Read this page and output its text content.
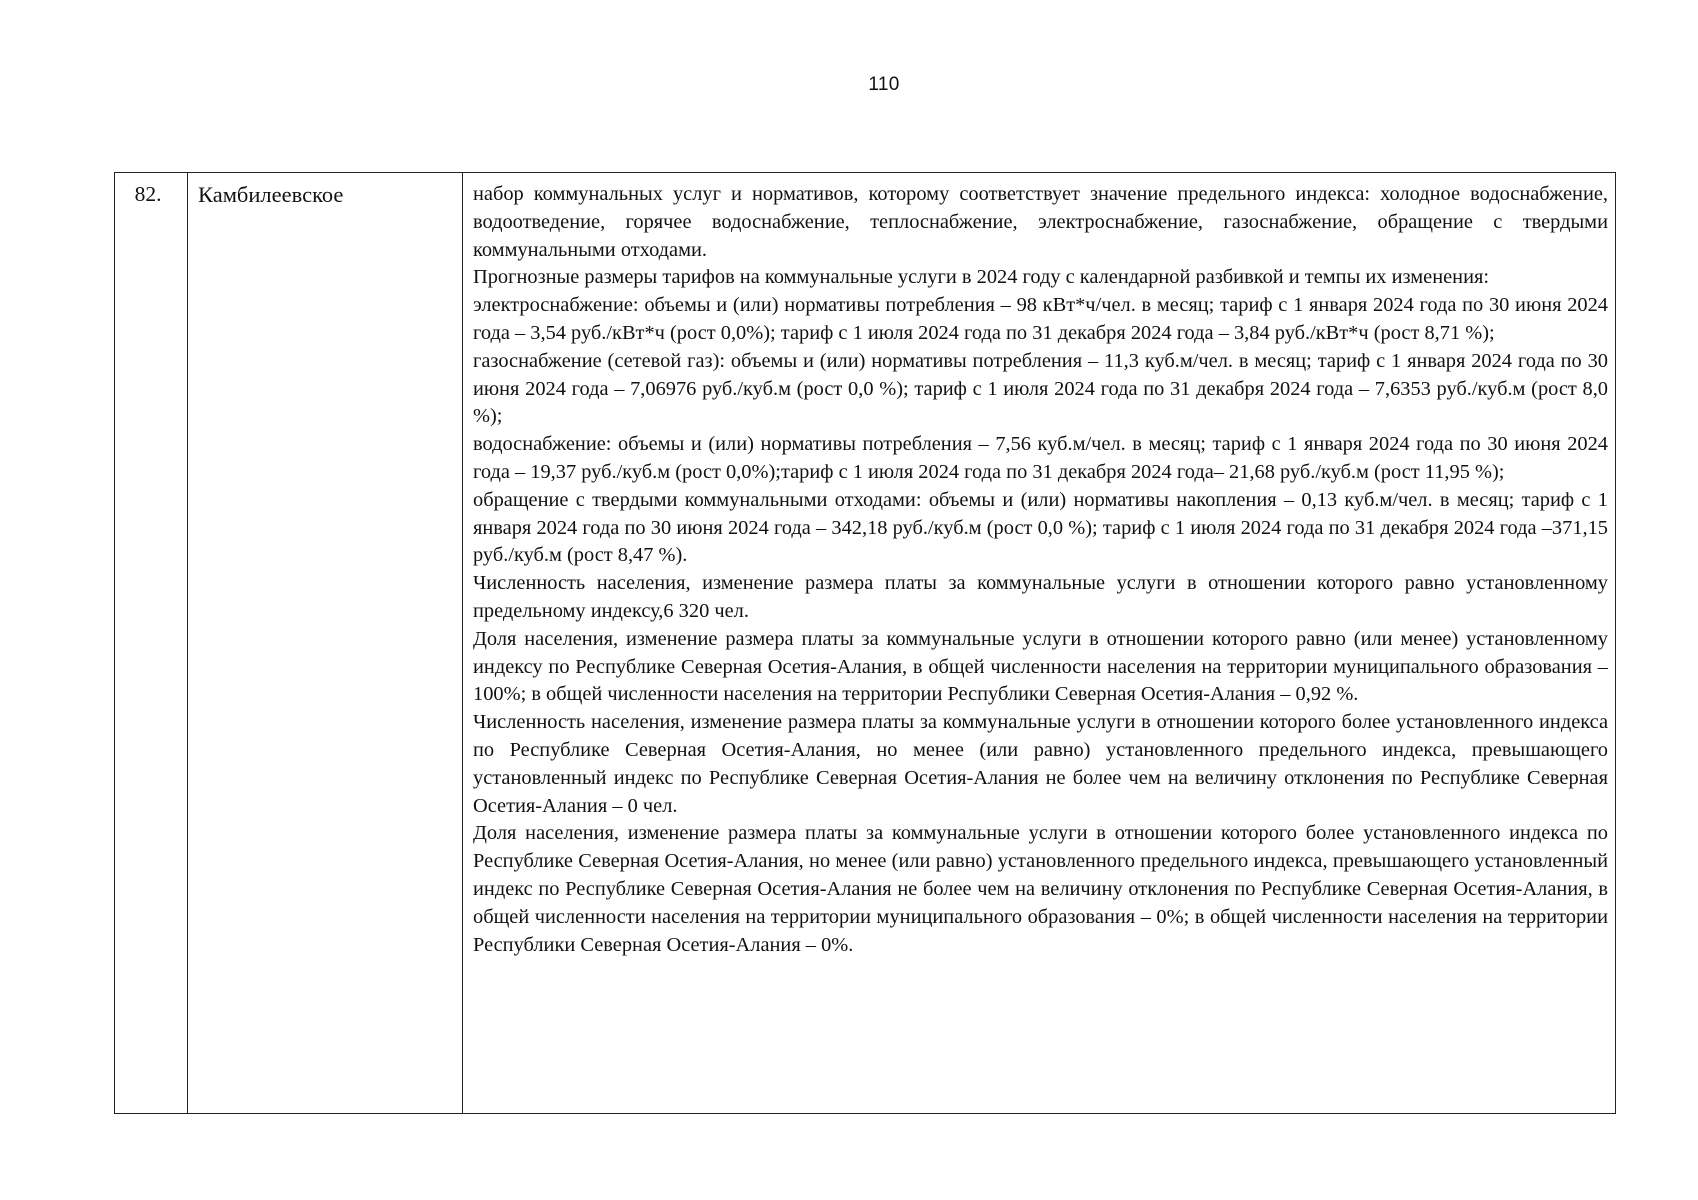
110
82.	Камбилеевское	набор коммунальных услуг и нормативов, которому соответствует значение предельного индекса: холодное водоснабжение, водоотведение, горячее водоснабжение, теплоснабжение, электроснабжение, газоснабжение, обращение с твердыми коммунальными отходами.

Прогнозные размеры тарифов на коммунальные услуги в 2024 году с календарной разбивкой и темпы их изменения:

электроснабжение: объемы и (или) нормативы потребления – 98 кВт*ч/чел. в месяц; тариф с 1 января 2024 года по 30 июня 2024 года – 3,54 руб./кВт*ч (рост 0,0%); тариф с 1 июля 2024 года по 31 декабря 2024 года – 3,84 руб./кВт*ч (рост 8,71 %);

газоснабжение (сетевой газ): объемы и (или) нормативы потребления – 11,3 куб.м/чел. в месяц; тариф с 1 января 2024 года по 30 июня 2024 года – 7,06976 руб./куб.м (рост 0,0 %); тариф с 1 июля 2024 года по 31 декабря 2024 года – 7,6353 руб./куб.м (рост 8,0 %);

водоснабжение: объемы и (или) нормативы потребления – 7,56 куб.м/чел. в месяц; тариф с 1 января 2024 года по 30 июня 2024 года – 19,37 руб./куб.м (рост 0,0%);тариф с 1 июля 2024 года по 31 декабря 2024 года– 21,68 руб./куб.м (рост 11,95 %);

обращение с твердыми коммунальными отходами: объемы и (или) нормативы накопления – 0,13 куб.м/чел. в месяц; тариф с 1 января 2024 года по 30 июня 2024 года – 342,18 руб./куб.м (рост 0,0 %); тариф с 1 июля 2024 года по 31 декабря 2024 года –371,15 руб./куб.м (рост 8,47 %).

Численность населения, изменение размера платы за коммунальные услуги в отношении которого равно установленному предельному индексу,6 320 чел.

Доля населения, изменение размера платы за коммунальные услуги в отношении которого равно (или менее) установленному индексу по Республике Северная Осетия-Алания, в общей численности населения на территории муниципального образования – 100%; в общей численности населения на территории Республики Северная Осетия-Алания – 0,92 %.

Численность населения, изменение размера платы за коммунальные услуги в отношении которого более установленного индекса по Республике Северная Осетия-Алания, но менее (или равно) установленного предельного индекса, превышающего установленный индекс по Республике Северная Осетия-Алания не более чем на величину отклонения по Республике Северная Осетия-Алания – 0 чел.

Доля населения, изменение размера платы за коммунальные услуги в отношении которого более установленного индекса по Республике Северная Осетия-Алания, но менее (или равно) установленного предельного индекса, превышающего установленный индекс по Республике Северная Осетия-Алания не более чем на величину отклонения по Республике Северная Осетия-Алания, в общей численности населения на территории муниципального образования – 0%; в общей численности населения на территории Республики Северная Осетия-Алания – 0%.
